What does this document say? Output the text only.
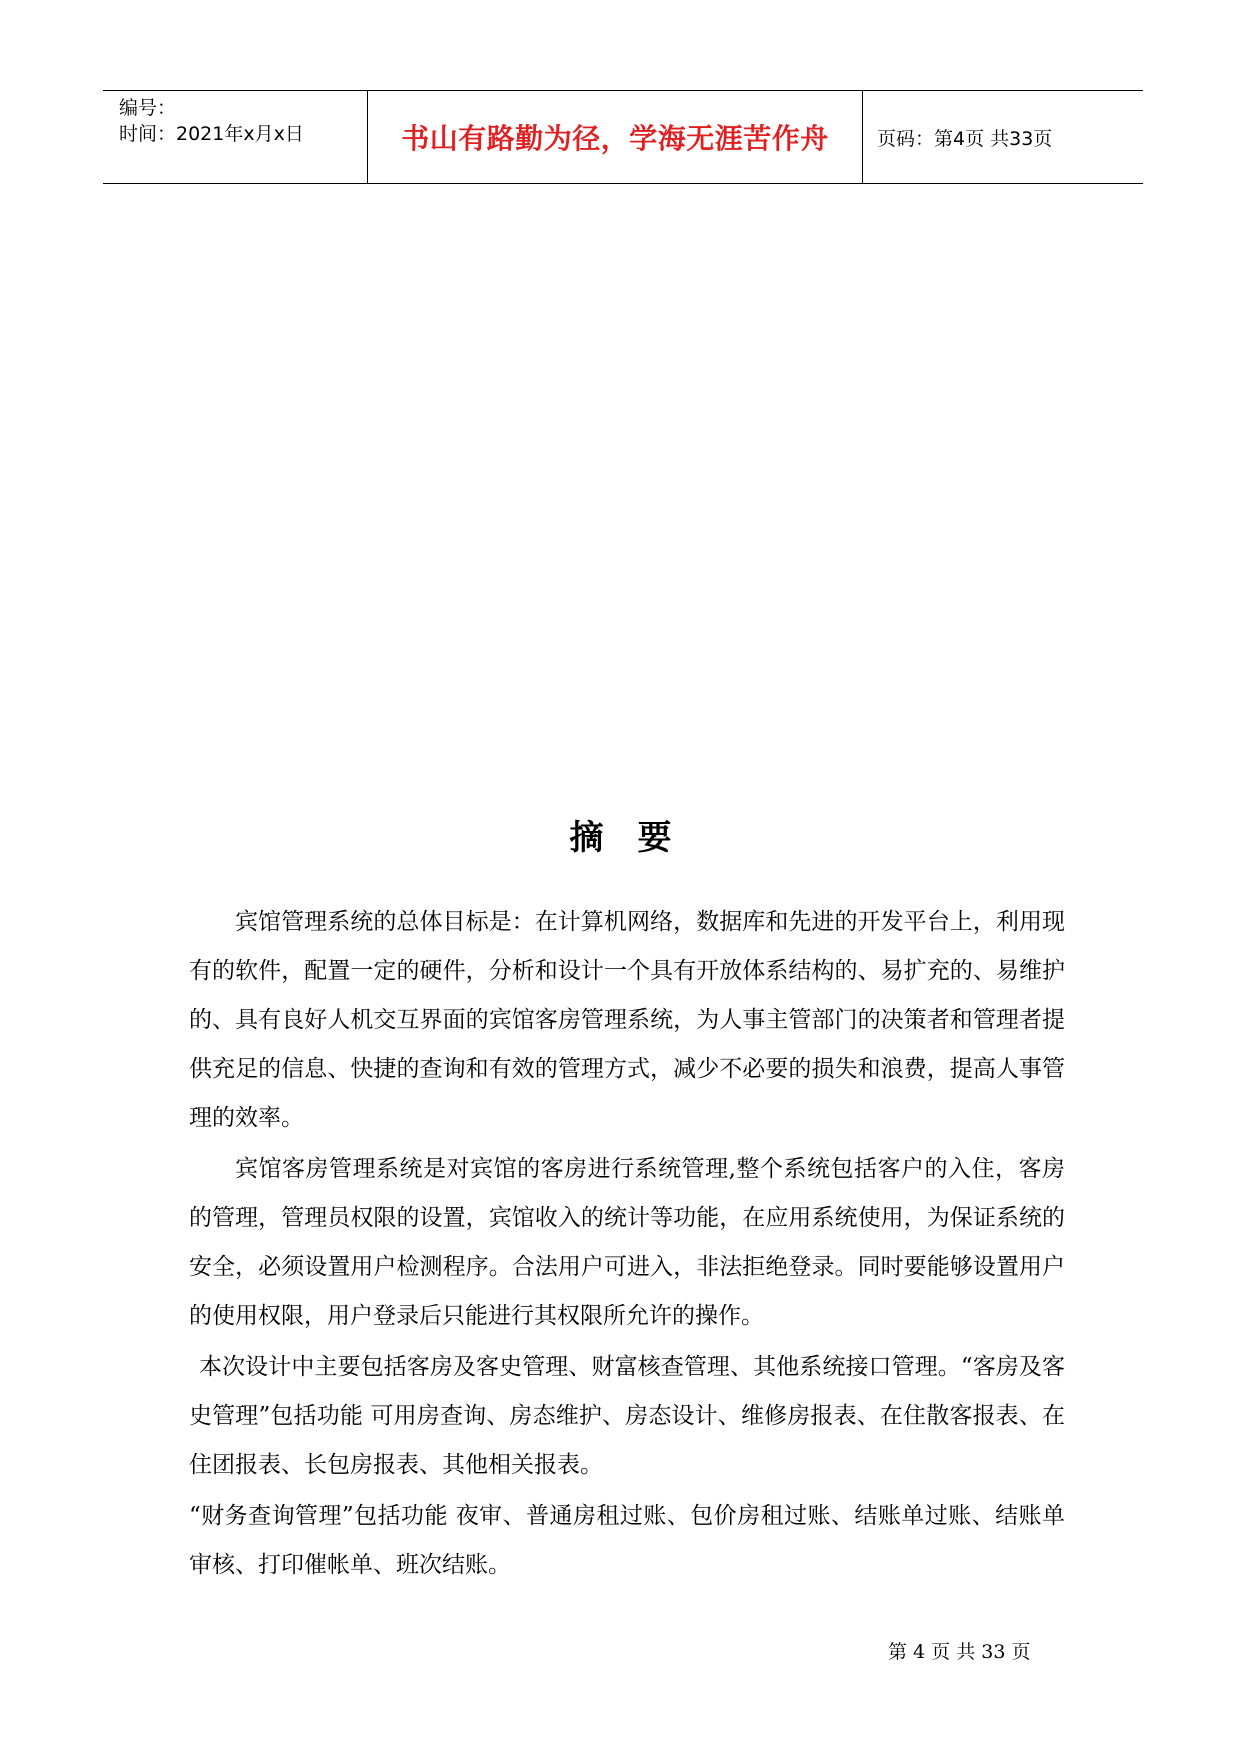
编号：
时间：2021年x月x日	书山有路勤为径，学海无涯苦作舟	页码：第4页 共33页
摘要

宾馆管理系统的总体目标是：在计算机网络，数据库和先进的开发平台上，利用现有的软件，配置一定的硬件，分析和设计一个具有开放体系结构的、易扩充的、易维护的、具有良好人机交互界面的宾馆客房管理系统，为人事主管部门的决策者和管理者提供充足的信息、快捷的查询和有效的管理方式，减少不必要的损失和浪费，提高人事管理的效率。

宾馆客房管理系统是对宾馆的客房进行系统管理,整个系统包括客户的入住，客房的管理，管理员权限的设置，宾馆收入的统计等功能，在应用系统使用，为保证系统的安全，必须设置用户检测程序。合法用户可进入，非法拒绝登录。同时要能够设置用户的使用权限，用户登录后只能进行其权限所允许的操作。

本次设计中主要包括客房及客史管理、财富核查管理、其他系统接口管理。“客房及客史管理”包括功能 可用房查询、房态维护、房态设计、维修房报表、在住散客报表、在住团报表、长包房报表、其他相关报表。

“财务查询管理”包括功能 夜审、普通房租过账、包价房租过账、结账单过账、结账单审核、打印催帐单、班次结账。

第 4 页 共 33 页
